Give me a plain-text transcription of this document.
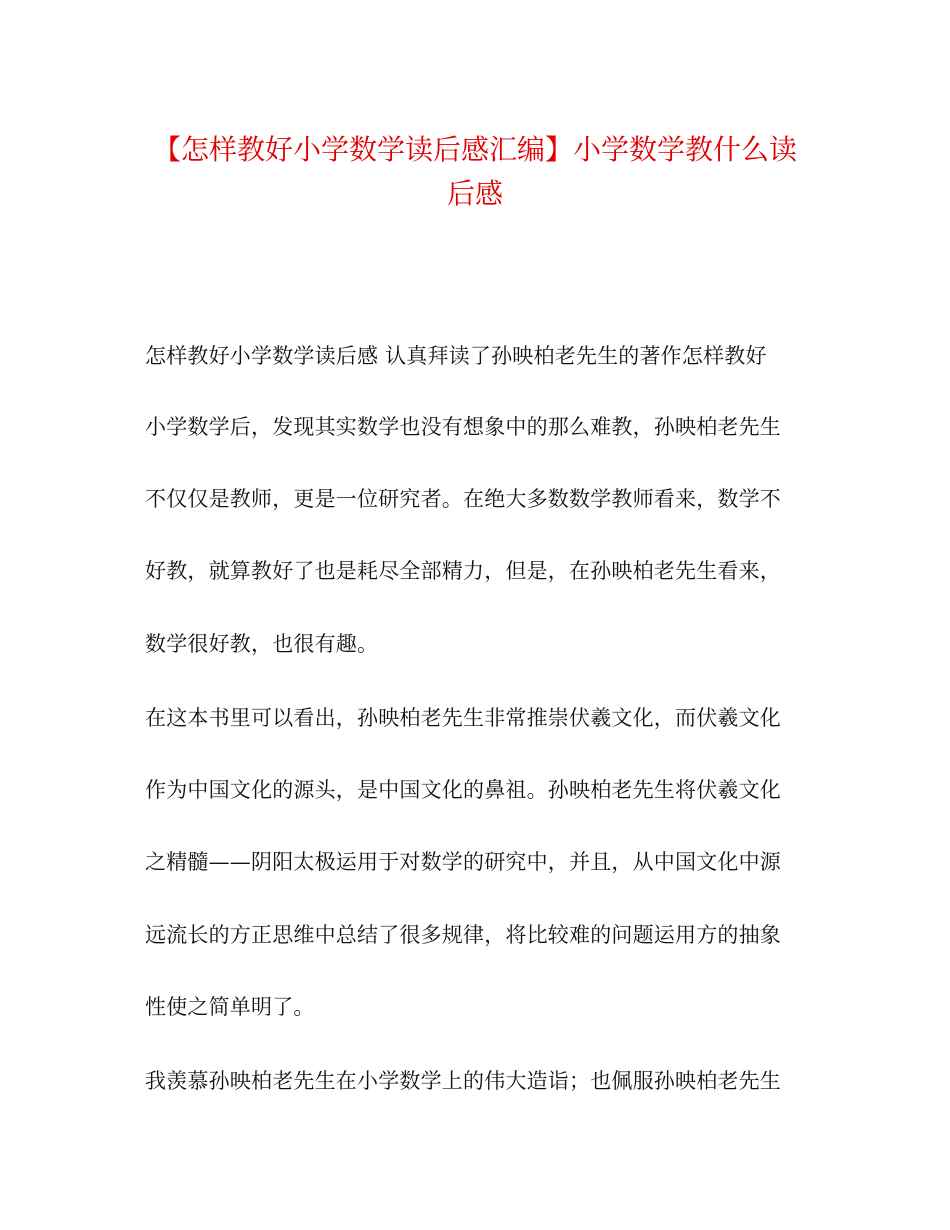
【怎样教好小学数学读后感汇编】小学数学教什么读
后感
怎样教好小学数学读后感 认真拜读了孙映柏老先生的著作怎样教好
小学数学后，发现其实数学也没有想象中的那么难教，孙映柏老先生
不仅仅是教师，更是一位研究者。在绝大多数数学教师看来，数学不
好教，就算教好了也是耗尽全部精力，但是，在孙映柏老先生看来，
数学很好教，也很有趣。
在这本书里可以看出，孙映柏老先生非常推崇伏羲文化，而伏羲文化
作为中国文化的源头，是中国文化的鼻祖。孙映柏老先生将伏羲文化
之精髓——阴阳太极运用于对数学的研究中，并且，从中国文化中源
远流长的方正思维中总结了很多规律，将比较难的问题运用方的抽象
性使之简单明了。
我羡慕孙映柏老先生在小学数学上的伟大造诣；也佩服孙映柏老先生
